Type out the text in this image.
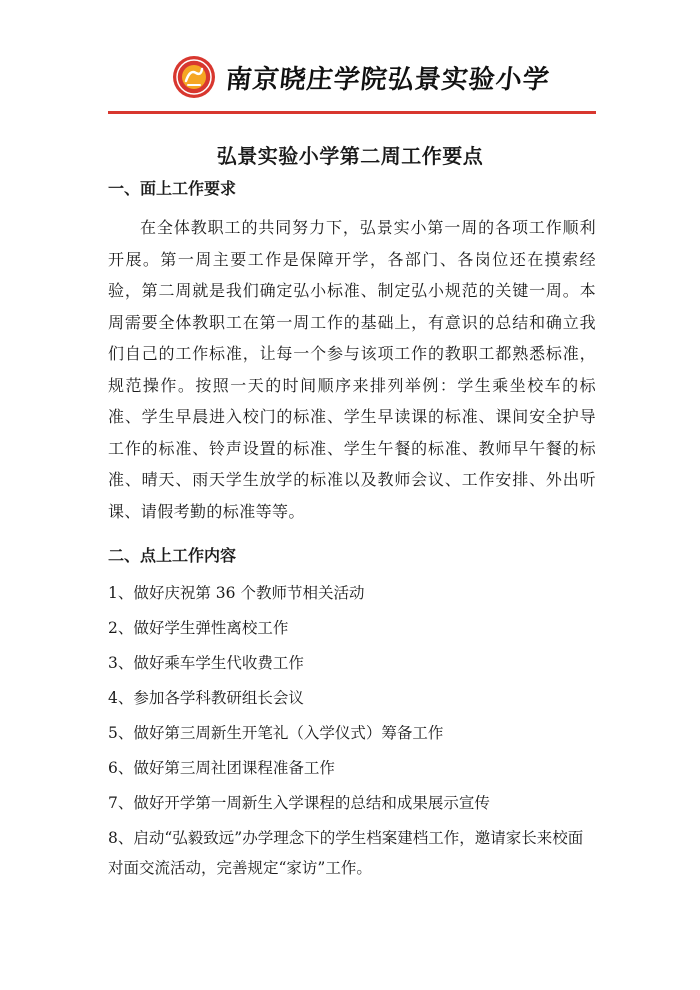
南京晓庄学院弘景实验小学
弘景实验小学第二周工作要点
一、面上工作要求
在全体教职工的共同努力下，弘景实小第一周的各项工作顺利开展。第一周主要工作是保障开学，各部门、各岗位还在摸索经验，第二周就是我们确定弘小标准、制定弘小规范的关键一周。本周需要全体教职工在第一周工作的基础上，有意识的总结和确立我们自己的工作标准，让每一个参与该项工作的教职工都熟悉标准，规范操作。按照一天的时间顺序来排列举例：学生乘坐校车的标准、学生早晨进入校门的标准、学生早读课的标准、课间安全护导工作的标准、铃声设置的标准、学生午餐的标准、教师早午餐的标准、晴天、雨天学生放学的标准以及教师会议、工作安排、外出听课、请假考勤的标准等等。
二、点上工作内容
1、做好庆祝第 36 个教师节相关活动
2、做好学生弹性离校工作
3、做好乘车学生代收费工作
4、参加各学科教研组长会议
5、做好第三周新生开笔礼（入学仪式）筹备工作
6、做好第三周社团课程准备工作
7、做好开学第一周新生入学课程的总结和成果展示宣传
8、启动“弘毅致远”办学理念下的学生档案建档工作，邀请家长来校面对面交流活动，完善规定“家访”工作。
